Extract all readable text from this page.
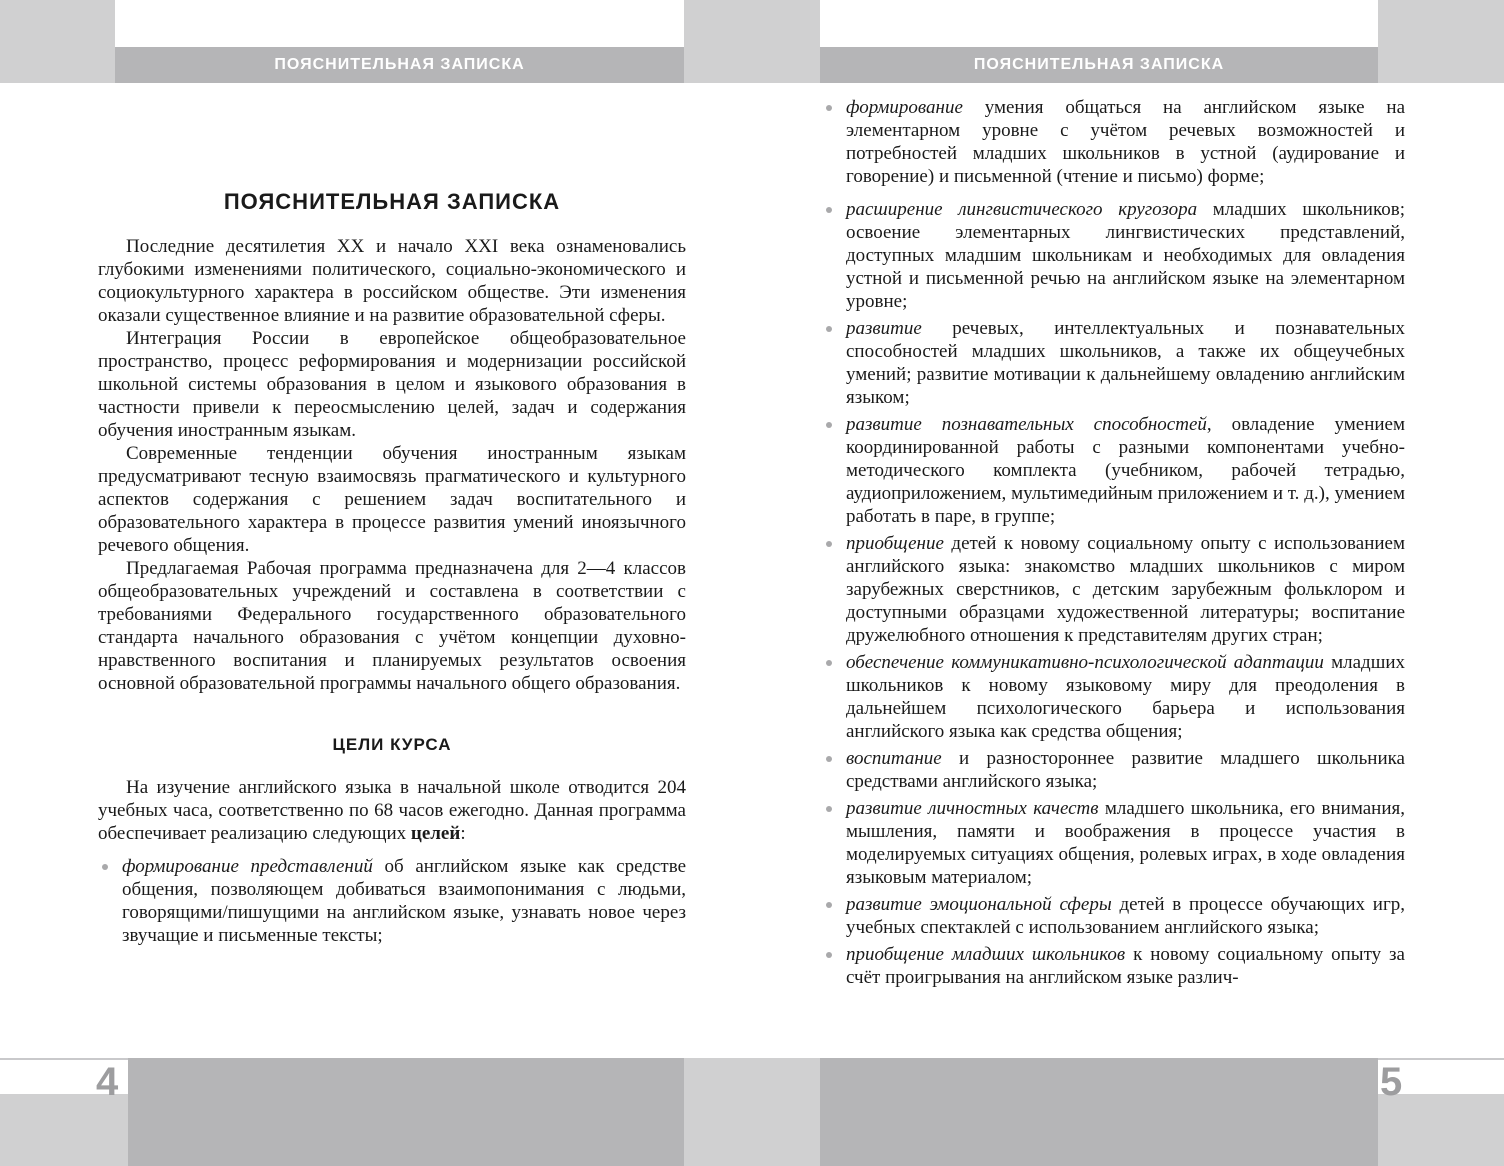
ПОЯСНИТЕЛЬНАЯ ЗАПИСКА	ПОЯСНИТЕЛЬНАЯ ЗАПИСКА
4	5
ПОЯСНИТЕЛЬНАЯ ЗАПИСКА

Последние десятилетия XX и начало XXI века ознаменовались глубокими изменениями политического, социально-экономического и социокультурного характера в российском обществе. Эти изменения оказали существенное влияние и на развитие образовательной сферы.

Интеграция России в европейское общеобразовательное пространство, процесс реформирования и модернизации российской школьной системы образования в целом и языкового образования в частности привели к переосмыслению целей, задач и содержания обучения иностранным языкам.

Современные тенденции обучения иностранным языкам предусматривают тесную взаимосвязь прагматического и культурного аспектов содержания с решением задач воспитательного и образовательного характера в процессе развития умений иноязычного речевого общения.

Предлагаемая Рабочая программа предназначена для 2—4 классов общеобразовательных учреждений и составлена в соответствии с требованиями Федерального государственного образовательного стандарта начального образования с учётом концепции духовно-нравственного воспитания и планируемых результатов освоения основной образовательной программы начального общего образования.

ЦЕЛИ КУРСА

На изучение английского языка в начальной школе отводится 204 учебных часа, соответственно по 68 часов ежегодно. Данная программа обеспечивает реализацию следующих целей:

формирование представлений об английском языке как средстве общения, позволяющем добиваться взаимопонимания с людьми, говорящими/пишущими на английском языке, узнавать новое через звучащие и письменные тексты;
формирование умения общаться на английском языке на элементарном уровне с учётом речевых возможностей и потребностей младших школьников в устной (аудирование и говорение) и письменной (чтение и письмо) форме;
расширение лингвистического кругозора младших школьников; освоение элементарных лингвистических представлений, доступных младшим школьникам и необходимых для овладения устной и письменной речью на английском языке на элементарном уровне;
развитие речевых, интеллектуальных и познавательных способностей младших школьников, а также их общеучебных умений; развитие мотивации к дальнейшему овладению английским языком;
развитие познавательных способностей, овладение умением координированной работы с разными компонентами учебно-методического комплекта (учебником, рабочей тетрадью, аудиоприложением, мультимедийным приложением и т. д.), умением работать в паре, в группе;
приобщение детей к новому социальному опыту с использованием английского языка: знакомство младших школьников с миром зарубежных сверстников, с детским зарубежным фольклором и доступными образцами художественной литературы; воспитание дружелюбного отношения к представителям других стран;
обеспечение коммуникативно-психологической адаптации младших школьников к новому языковому миру для преодоления в дальнейшем психологического барьера и использования английского языка как средства общения;
воспитание и разностороннее развитие младшего школьника средствами английского языка;
развитие личностных качеств младшего школьника, его внимания, мышления, памяти и воображения в процессе участия в моделируемых ситуациях общения, ролевых играх, в ходе овладения языковым материалом;
развитие эмоциональной сферы детей в процессе обучающих игр, учебных спектаклей с использованием английского языка;
приобщение младших школьников к новому социальному опыту за счёт проигрывания на английском языке различ-
